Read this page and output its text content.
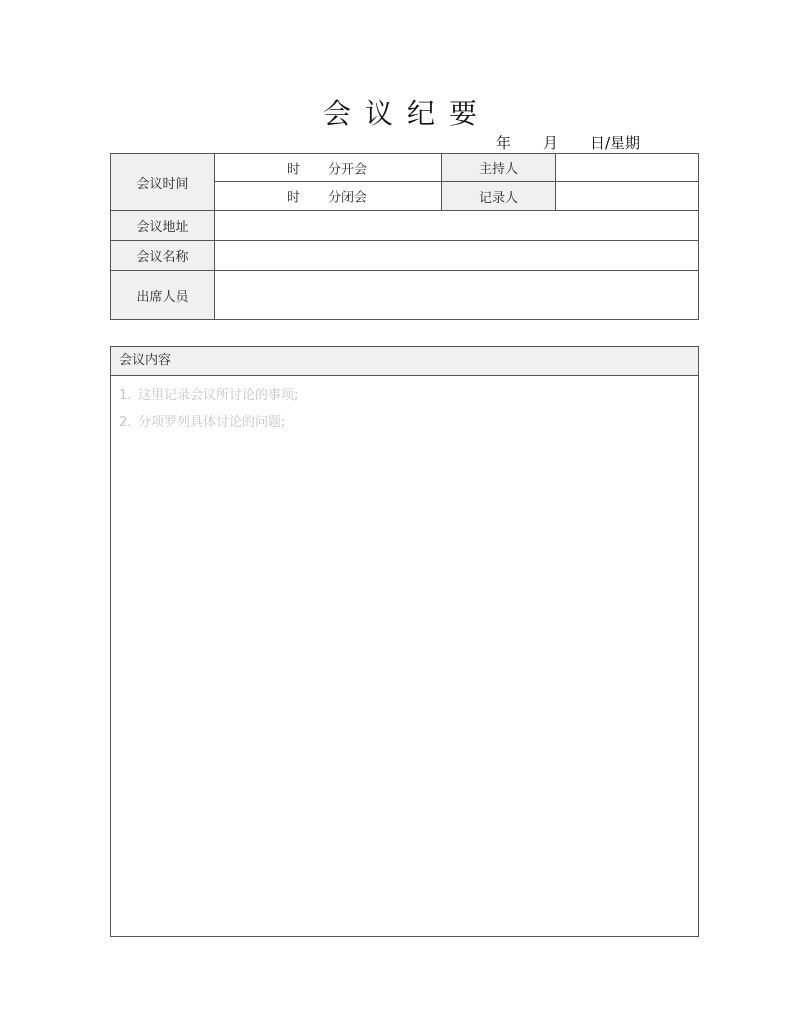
会议纪要
年 月 日/星期
会议时间	时 分开会	主持人	

	时 分闭会	记录人	
会议地址			
会议名称			
出席人员			
会议内容
1. 这里记录会议所讨论的事项;
2. 分项罗列具体讨论的问题;
